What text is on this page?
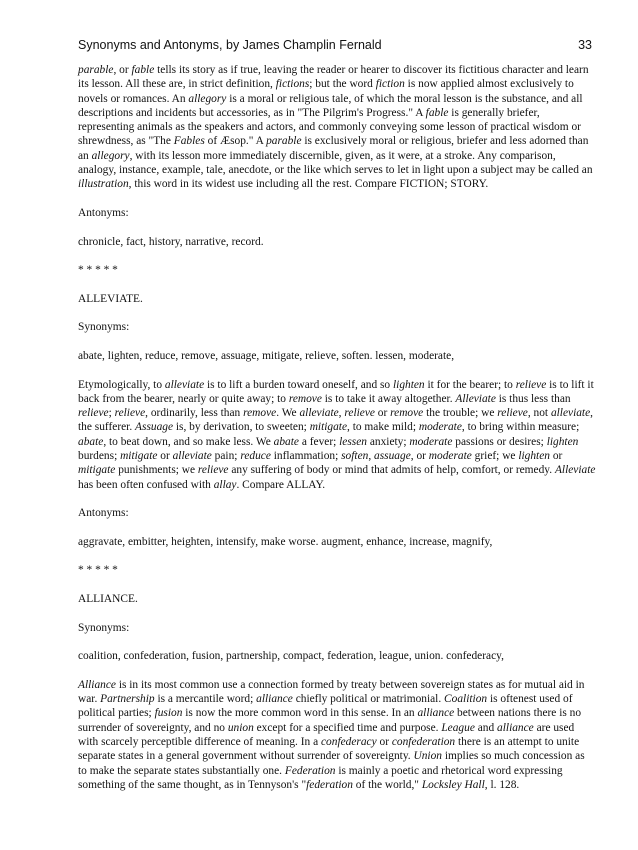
Synonyms and Antonyms, by James Champlin Fernald	33

parable, or fable tells its story as if true, leaving the reader or hearer to discover its fictitious character and learn its lesson. All these are, in strict definition, fictions; but the word fiction is now applied almost exclusively to novels or romances. An allegory is a moral or religious tale, of which the moral lesson is the substance, and all descriptions and incidents but accessories, as in "The Pilgrim's Progress." A fable is generally briefer, representing animals as the speakers and actors, and commonly conveying some lesson of practical wisdom or shrewdness, as "The Fables of Æsop." A parable is exclusively moral or religious, briefer and less adorned than an allegory, with its lesson more immediately discernible, given, as it were, at a stroke. Any comparison, analogy, instance, example, tale, anecdote, or the like which serves to let in light upon a subject may be called an illustration, this word in its widest use including all the rest. Compare FICTION; STORY.

Antonyms:

chronicle, fact, history, narrative, record.

* * * * *

ALLEVIATE.

Synonyms:

abate, lighten, reduce, remove, assuage, mitigate, relieve, soften. lessen, moderate,

Etymologically, to alleviate is to lift a burden toward oneself, and so lighten it for the bearer; to relieve is to lift it back from the bearer, nearly or quite away; to remove is to take it away altogether. Alleviate is thus less than relieve; relieve, ordinarily, less than remove. We alleviate, relieve or remove the trouble; we relieve, not alleviate, the sufferer. Assuage is, by derivation, to sweeten; mitigate, to make mild; moderate, to bring within measure; abate, to beat down, and so make less. We abate a fever; lessen anxiety; moderate passions or desires; lighten burdens; mitigate or alleviate pain; reduce inflammation; soften, assuage, or moderate grief; we lighten or mitigate punishments; we relieve any suffering of body or mind that admits of help, comfort, or remedy. Alleviate has been often confused with allay. Compare ALLAY.

Antonyms:

aggravate, embitter, heighten, intensify, make worse. augment, enhance, increase, magnify,

* * * * *

ALLIANCE.

Synonyms:

coalition, confederation, fusion, partnership, compact, federation, league, union. confederacy,

Alliance is in its most common use a connection formed by treaty between sovereign states as for mutual aid in war. Partnership is a mercantile word; alliance chiefly political or matrimonial. Coalition is oftenest used of political parties; fusion is now the more common word in this sense. In an alliance between nations there is no surrender of sovereignty, and no union except for a specified time and purpose. League and alliance are used with scarcely perceptible difference of meaning. In a confederacy or confederation there is an attempt to unite separate states in a general government without surrender of sovereignty. Union implies so much concession as to make the separate states substantially one. Federation is mainly a poetic and rhetorical word expressing something of the same thought, as in Tennyson's "federation of the world," Locksley Hall, l. 128.
